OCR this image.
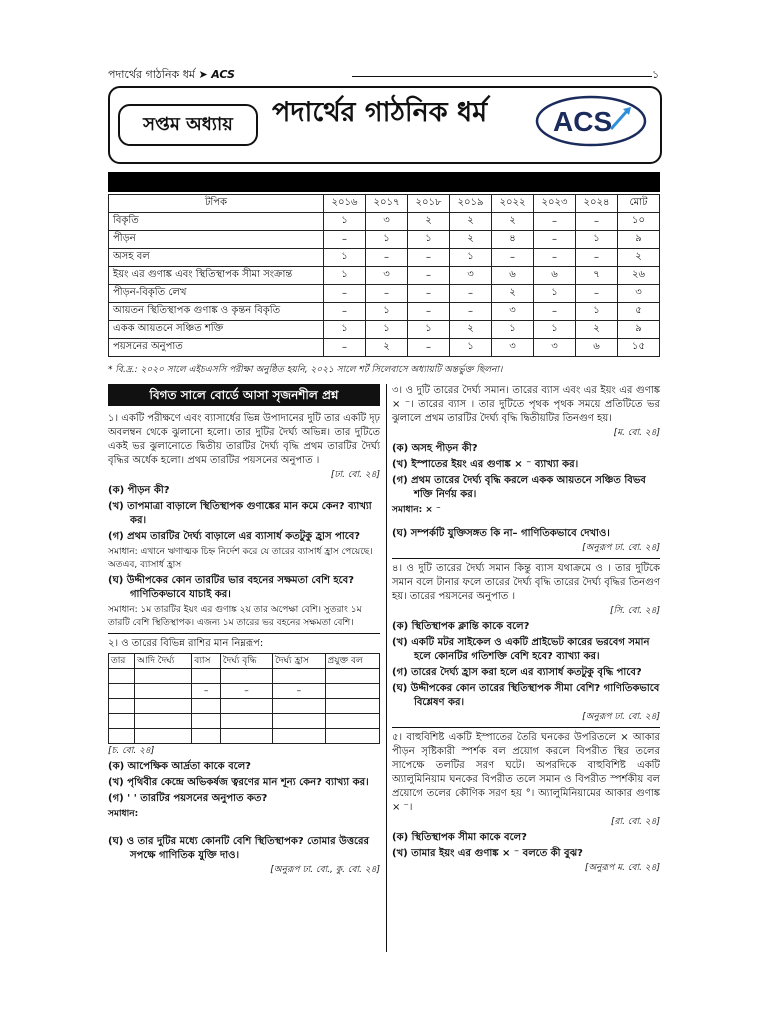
পদার্থের গাঠনিক ধর্ম ➤ ACS	১
সপ্তম অধ্যায়	পদার্থের গাঠনিক ধর্ম	ACS
টপিক	২০১৬	২০১৭	২০১৮	২০১৯	২০২২	২০২৩	২০২৪	মোট
বিকৃতি	১	৩	২	২	২	–	–	১০
পীড়ন	–	১	১	২	৪	–	১	৯
অসহ বল	১	–	–	১	–	–	–	২
ইয়ং এর গুণাঙ্ক এবং স্থিতিস্থাপক সীমা সংক্রান্ত	১	৩	–	৩	৬	৬	৭	২৬
পীড়ন-বিকৃতি লেখ	–	–	–	–	২	১	–	৩
আয়তন স্থিতিস্থাপক গুণাঙ্ক ও কৃন্তন বিকৃতি	–	১	–	–	৩	–	১	৫
একক আয়তনে সঞ্চিত শক্তি	১	১	১	২	১	১	২	৯
পয়সনের অনুপাত	–	২	–	১	৩	৩	৬	১৫
* বি.দ্র.: ২০২০ সালে এইচএসসি পরীক্ষা অনুষ্ঠিত হয়নি, ২০২১ সালে শর্ট সিলেবাসে অধ্যায়টি অন্তর্ভুক্ত ছিলনা।
বিগত সালে বোর্ডে আসা সৃজনশীল প্রশ্ন

১। একটি পরীক্ষণে এবং ব্যাসার্ধের ভিন্ন উপাদানের দুটি তার একটি দৃঢ় অবলম্বন থেকে ঝুলানো হলো। তার দুটির দৈর্ঘ্য অভিন্ন। তার দুটিতে একই ভর ঝুলানোতে দ্বিতীয় তারটির দৈর্ঘ্য বৃদ্ধি প্রথম তারটির দৈর্ঘ্য বৃদ্ধির অর্ধেক হলো। প্রথম তারটির পয়সনের অনুপাত ।

[ঢা. বো. ২৪]

(ক) পীড়ন কী?

(খ) তাপমাত্রা বাড়ালে স্থিতিস্থাপক গুণাঙ্কের মান কমে কেন? ব্যাখ্যা কর।

(গ) প্রথম তারটির দৈর্ঘ্য বাড়ালে এর ব্যাসার্ধ কতটুকু হ্রাস পাবে?

সমাধান: এখানে ঋণাত্মক চিহ্ন নির্দেশ করে যে তারের ব্যাসার্ধ হ্রাস পেয়েছে। অতএব, ব্যাসার্ধ হ্রাস

(ঘ) উদ্দীপকের কোন তারটির ভার বহনের সক্ষমতা বেশি হবে? গাণিতিকভাবে যাচাই কর।

সমাধান: ১ম তারটির ইয়ং এর গুণাঙ্ক ২য় তার অপেক্ষা বেশি। সুতরাং ১ম তারটি বেশি স্থিতিস্থাপক। এজন্য ১ম তারের ভর বহনের সক্ষমতা বেশি।

২। ও তারের বিভিন্ন রাশির মান নিম্নরূপ:

তার	আদি দৈর্ঘ্য	ব্যাস	দৈর্ঘ্য বৃদ্ধি	দৈর্ঘ্য হ্রাস	প্রযুক্ত বল

		–	–	–	

[চ. বো. ২৪]

(ক) আপেক্ষিক আর্দ্রতা কাকে বলে?

(খ) পৃথিবীর কেন্দ্রে অভিকর্ষজ ত্বরণের মান শূন্য কেন? ব্যাখ্যা কর।

(গ) ' ' তারটির পয়সনের অনুপাত কত?

সমাধান:

(ঘ) ও তার দুটির মধ্যে কোনটি বেশি স্থিতিস্থাপক? তোমার উত্তরের সপক্ষে গাণিতিক যুক্তি দাও।

[অনুরূপ ঢা. বো., কু. বো. ২৪]

৩। ও দুটি তারের দৈর্ঘ্য সমান। তারের ব্যাস এবং এর ইয়ং এর গুণাঙ্ক × ⁻। তারের ব্যাস । তার দুটিতে পৃথক পৃথক সময়ে প্রতিটিতে ভর ঝুলালে প্রথম তারটির দৈর্ঘ্য বৃদ্ধি দ্বিতীয়টির তিনগুণ হয়।

[ম. বো. ২৪]

(ক) অসহ পীড়ন কী?

(খ) ইস্পাতের ইয়ং এর গুণাঙ্ক × ⁻ ব্যাখ্যা কর।

(গ) প্রথম তারের দৈর্ঘ্য বৃদ্ধি করলে একক আয়তনে সঞ্চিত বিভব শক্তি নির্ণয় কর।

সমাধান: × ⁻

(ঘ) সম্পর্কটি যুক্তিসঙ্গত কি না– গাণিতিকভাবে দেখাও।

[অনুরূপ ঢা. বো. ২৪]

৪। ও দুটি তারের দৈর্ঘ্য সমান কিন্তু ব্যাস যথাক্রমে ও । তার দুটিকে সমান বলে টানার ফলে তারের দৈর্ঘ্য বৃদ্ধি তারের দৈর্ঘ্য বৃদ্ধির তিনগুণ হয়। তারের পয়সনের অনুপাত ।

[সি. বো. ২৪]

(ক) স্থিতিস্থাপক ক্লান্তি কাকে বলে?

(খ) একটি মটর সাইকেল ও একটি প্রাইভেট কারের ভরবেগ সমান হলে কোনটির গতিশক্তি বেশি হবে? ব্যাখ্যা কর।

(গ) তারের দৈর্ঘ্য হ্রাস করা হলে এর ব্যাসার্ধ কতটুকু বৃদ্ধি পাবে?

(ঘ) উদ্দীপকের কোন তারের স্থিতিস্থাপক সীমা বেশি? গাণিতিকভাবে বিশ্লেষণ কর।

[অনুরূপ ঢা. বো. ২৪]

৫। বাহুবিশিষ্ট একটি ইস্পাতের তৈরি ঘনকের উপরিতলে × আকার পীড়ন সৃষ্টিকারী স্পর্শক বল প্রয়োগ করলে বিপরীত স্থির তলের সাপেক্ষে তলটির সরণ ঘটে। অপরদিকে বাহুবিশিষ্ট একটি অ্যালুমিনিয়াম ঘনকের বিপরীত তলে সমান ও বিপরীত স্পর্শকীয় বল প্রয়োগে তলের কৌণিক সরণ হয় °। অ্যালুমিনিয়ামের আকার গুণাঙ্ক × ⁻।

[রা. বো. ২৪]

(ক) স্থিতিস্থাপক সীমা কাকে বলে?

(খ) তামার ইয়ং এর গুণাঙ্ক × ⁻ বলতে কী বুঝ?

[অনুরূপ ম. বো. ২৪]
